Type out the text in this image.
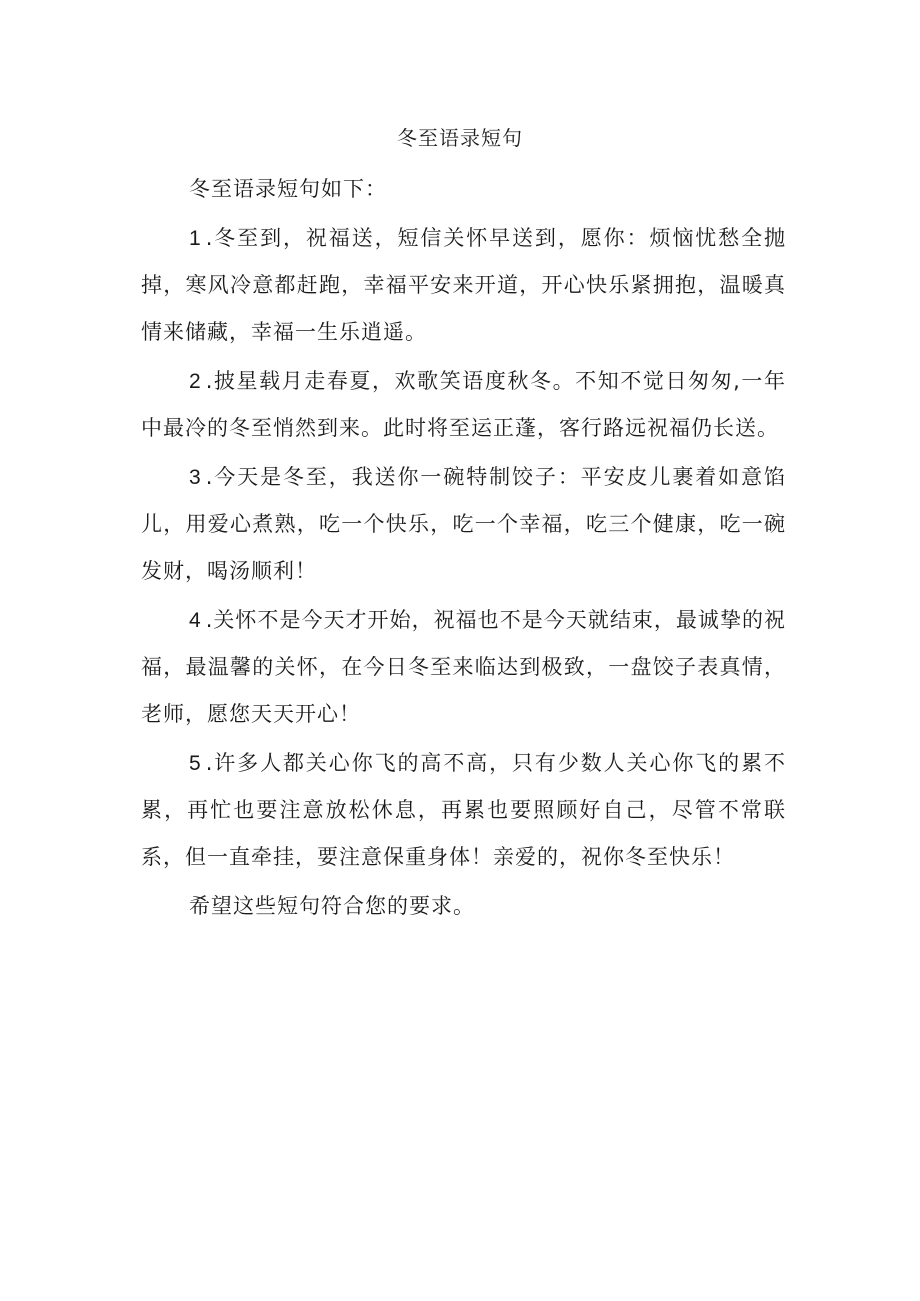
冬至语录短句

冬至语录短句如下：

1 .冬至到，祝福送，短信关怀早送到，愿你：烦恼忧愁全抛掉，寒风冷意都赶跑，幸福平安来开道，开心快乐紧拥抱，温暖真情来储藏，幸福一生乐逍遥。

2 .披星载月走春夏，欢歌笑语度秋冬。不知不觉日匆匆,一年中最冷的冬至悄然到来。此时将至运正蓬，客行路远祝福仍长送。

3 .今天是冬至，我送你一碗特制饺子：平安皮儿裹着如意馅儿，用爱心煮熟，吃一个快乐，吃一个幸福，吃三个健康，吃一碗发财，喝汤顺利！

4 .关怀不是今天才开始，祝福也不是今天就结束，最诚挚的祝福，最温馨的关怀，在今日冬至来临达到极致，一盘饺子表真情，老师，愿您天天开心！

5 .许多人都关心你飞的高不高，只有少数人关心你飞的累不累，再忙也要注意放松休息，再累也要照顾好自己，尽管不常联系，但一直牵挂，要注意保重身体！亲爱的，祝你冬至快乐！

希望这些短句符合您的要求。
